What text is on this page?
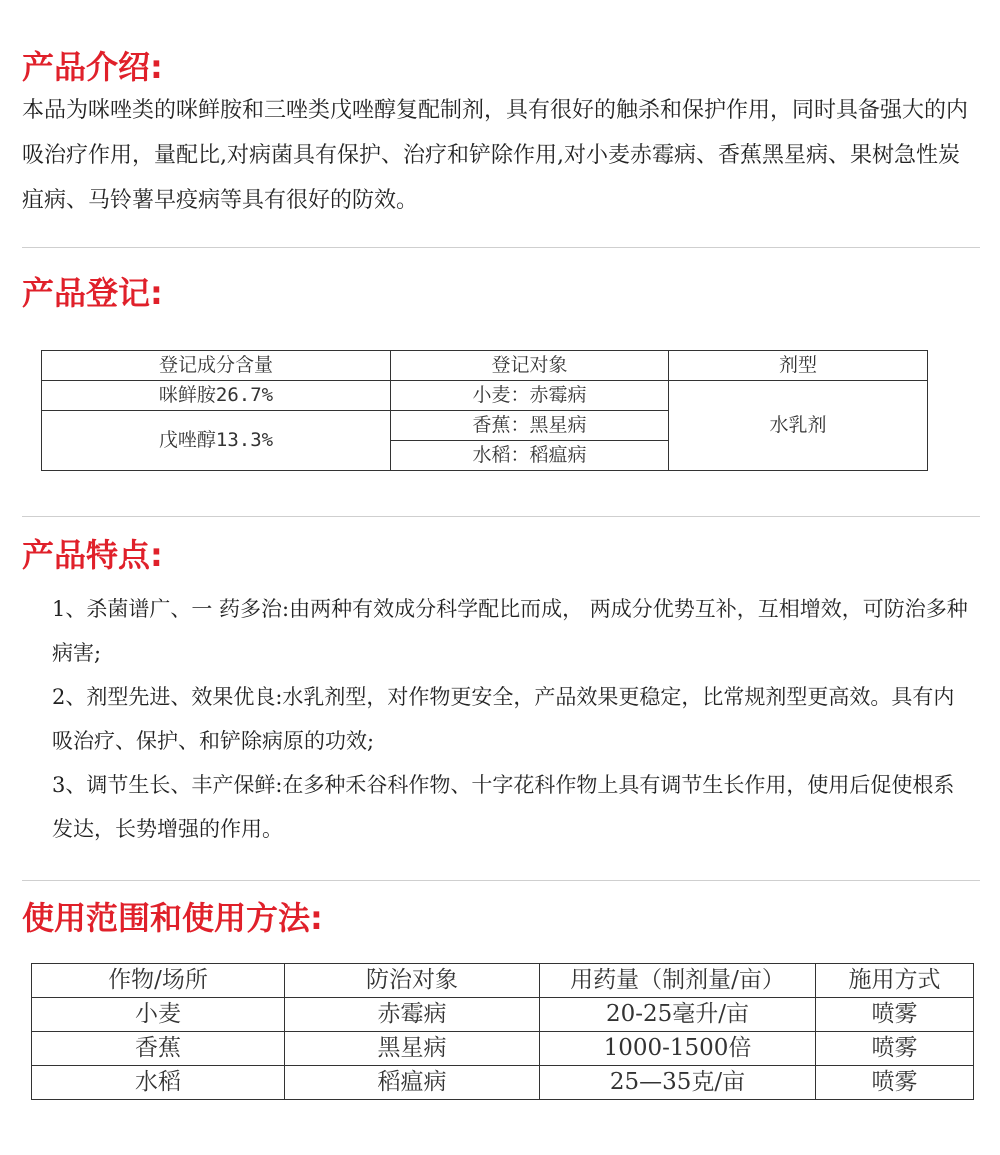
产品介绍:

本品为咪唑类的咪鲜胺和三唑类戊唑醇复配制剂，具有很好的触杀和保护作用，同时具备强大的内吸治疗作用，量配比,对病菌具有保护、治疗和铲除作用,对小麦赤霉病、香蕉黑星病、果树急性炭疽病、马铃薯早疫病等具有很好的防效。

产品登记:
登记成分含量	登记对象	剂型
咪鲜胺26.7%	小麦：赤霉病	水乳剂
戊唑醇13.3%	香蕉：黑星病	
	水稻：稻瘟病	
产品特点:
1、杀菌谱广、一 药多治:由两种有效成分科学配比而成， 两成分优势互补，互相增效，可防治多种病害;
2、剂型先进、效果优良:水乳剂型，对作物更安全，产品效果更稳定，比常规剂型更高效。具有内吸治疗、保护、和铲除病原的功效;
3、调节生长、丰产保鲜:在多种禾谷科作物、十字花科作物上具有调节生长作用，使用后促使根系发达，长势增强的作用。
使用范围和使用方法:
作物/场所	防治对象	用药量（制剂量/亩）	施用方式
小麦	赤霉病	20-25毫升/亩	喷雾
香蕉	黑星病	1000-1500倍	喷雾
水稻	稻瘟病	25—35克/亩	喷雾
